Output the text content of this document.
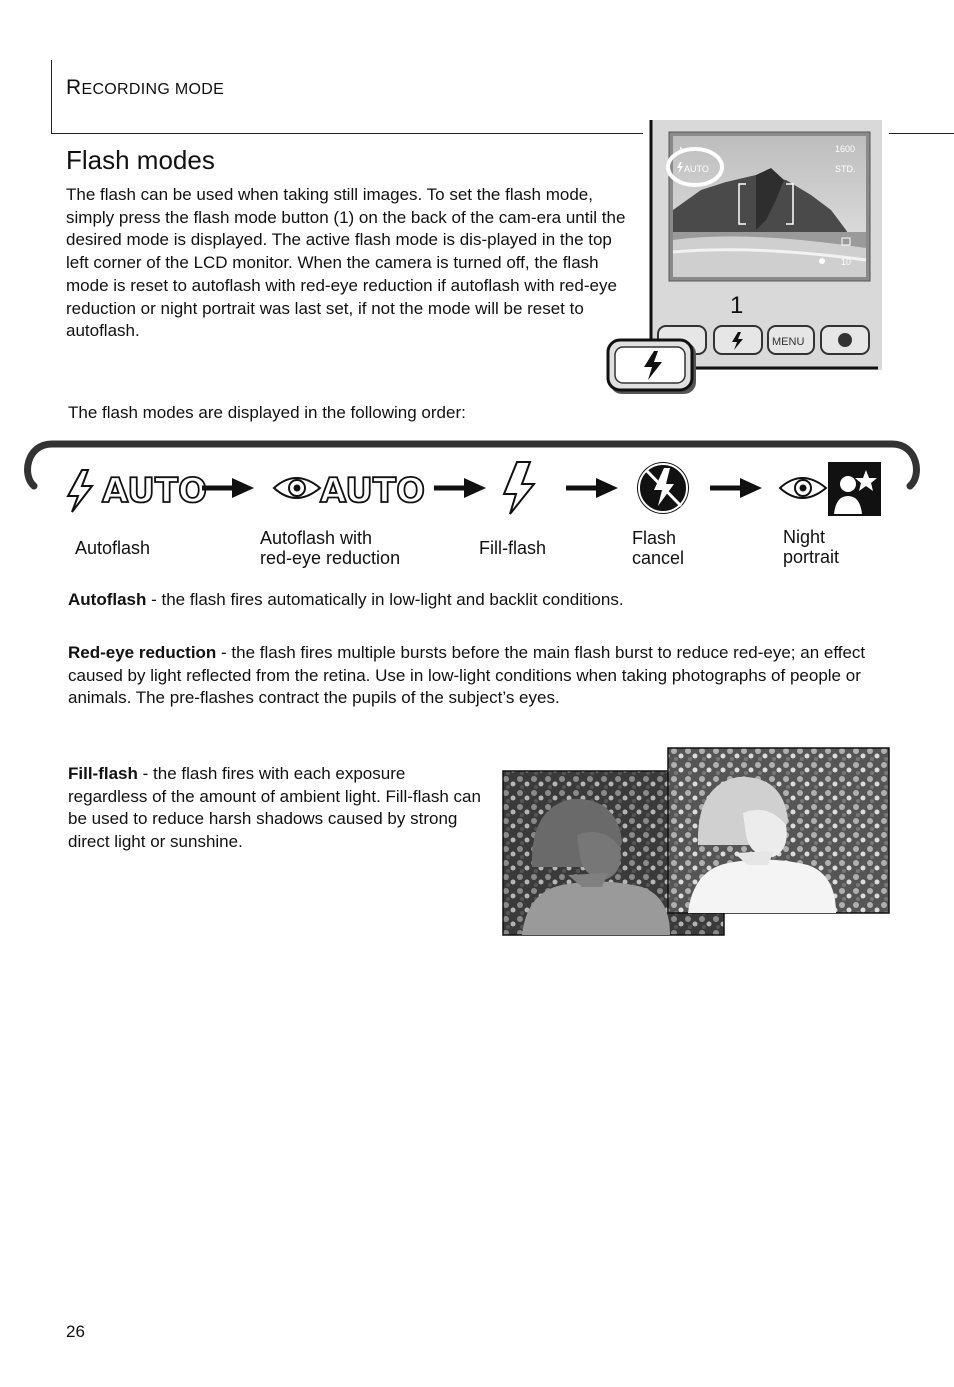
RECORDING MODE
Flash modes
The flash can be used when taking still images. To set the flash mode, simply press the flash mode button (1) on the back of the cam-era until the desired mode is displayed. The active flash mode is dis-played in the top left corner of the LCD monitor. When the camera is turned off, the flash mode is reset to autoflash with red-eye reduction if autoflash with red-eye reduction or night portrait was last set, if not the mode will be reset to autoflash.
AUTO
1600
STD.
10
◔
1
MENU
The flash modes are displayed in the following order:
AUTO	AUTO
Autoflash	Autoflash with
red-eye reduction	Fill-flash	Flash
cancel
Night
portrait
Autoflash - the flash fires automatically in low-light and backlit conditions.
Red-eye reduction - the flash fires multiple bursts before the main flash burst to reduce red-eye; an effect caused by light reflected from the retina. Use in low-light conditions when taking photographs of people or animals. The pre-flashes contract the pupils of the subject’s eyes.
Fill-flash - the flash fires with each exposure regardless of the amount of ambient light. Fill-flash can be used to reduce harsh shadows caused by strong direct light or sunshine.
26
